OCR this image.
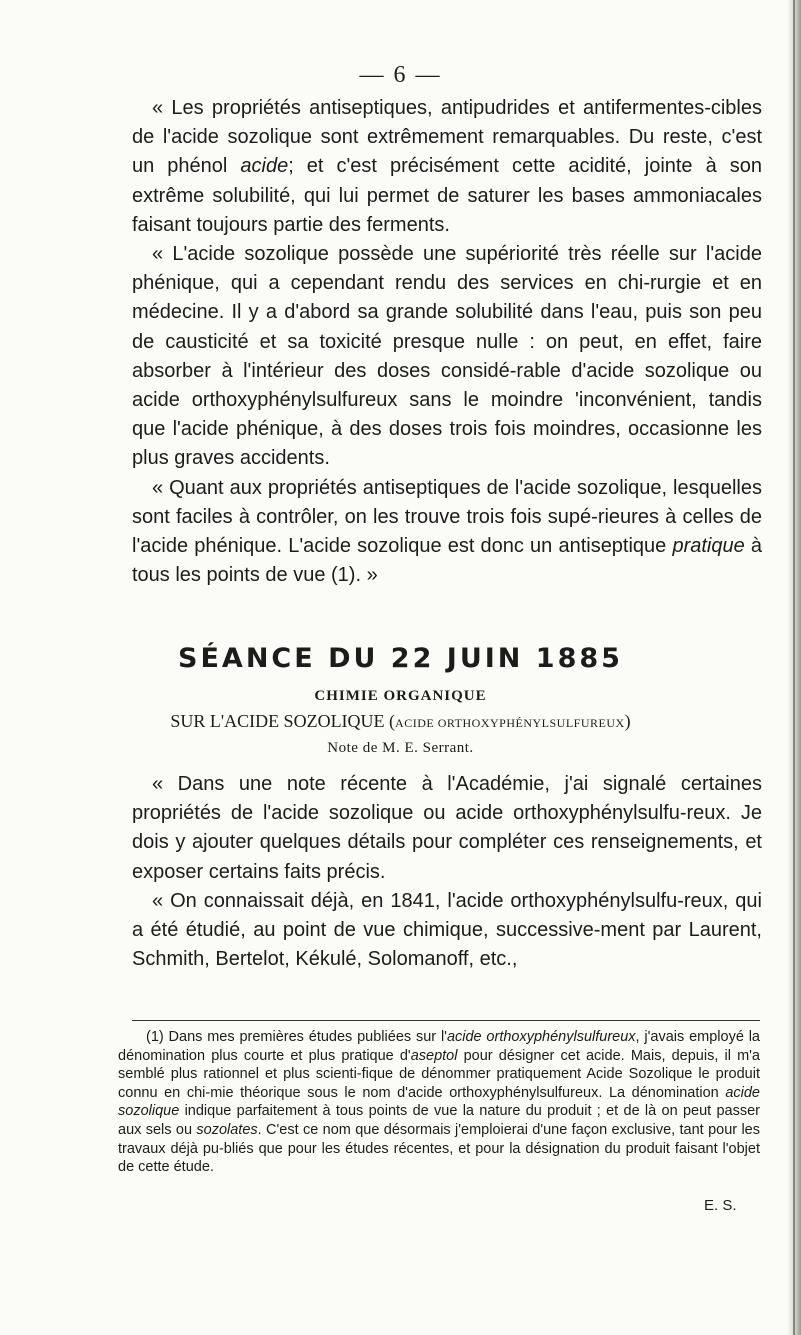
— 6 —

« Les propriétés antiseptiques, antipudrides et antifermentes-cibles de l'acide sozolique sont extrêmement remarquables. Du reste, c'est un phénol acide; et c'est précisément cette acidité, jointe à son extrême solubilité, qui lui permet de saturer les bases ammoniacales faisant toujours partie des ferments.

« L'acide sozolique possède une supériorité très réelle sur l'acide phénique, qui a cependant rendu des services en chi-rurgie et en médecine. Il y a d'abord sa grande solubilité dans l'eau, puis son peu de causticité et sa toxicité presque nulle : on peut, en effet, faire absorber à l'intérieur des doses considé-rable d'acide sozolique ou acide orthoxyphénylsulfureux sans le moindre 'inconvénient, tandis que l'acide phénique, à des doses trois fois moindres, occasionne les plus graves accidents.

« Quant aux propriétés antiseptiques de l'acide sozolique, lesquelles sont faciles à contrôler, on les trouve trois fois supé-rieures à celles de l'acide phénique. L'acide sozolique est donc un antiseptique pratique à tous les points de vue (1). »

SÉANCE DU 22 JUIN 1885
CHIMIE ORGANIQUE
SUR L'ACIDE SOZOLIQUE (ACIDE ORTHOXYPHÉNYLSULFUREUX)
Note de M. E. Serrant.

« Dans une note récente à l'Académie, j'ai signalé certaines propriétés de l'acide sozolique ou acide orthoxyphénylsulfu-reux. Je dois y ajouter quelques détails pour compléter ces renseignements, et exposer certains faits précis.

« On connaissait déjà, en 1841, l'acide orthoxyphénylsulfu-reux, qui a été étudié, au point de vue chimique, successive-ment par Laurent, Schmith, Bertelot, Kékulé, Solomanoff, etc.,

(1) Dans mes premières études publiées sur l'acide orthoxyphénylsulfureux, j'avais employé la dénomination plus courte et plus pratique d'aseptol pour désigner cet acide. Mais, depuis, il m'a semblé plus rationnel et plus scienti-fique de dénommer pratiquement Acide Sozolique le produit connu en chi-mie théorique sous le nom d'acide orthoxyphénylsulfureux. La dénomination acide sozolique indique parfaitement à tous points de vue la nature du produit ; et de là on peut passer aux sels ou sozolates. C'est ce nom que désormais j'emploierai d'une façon exclusive, tant pour les travaux déjà pu-bliés que pour les études récentes, et pour la désignation du produit faisant l'objet de cette étude.

E. S.
